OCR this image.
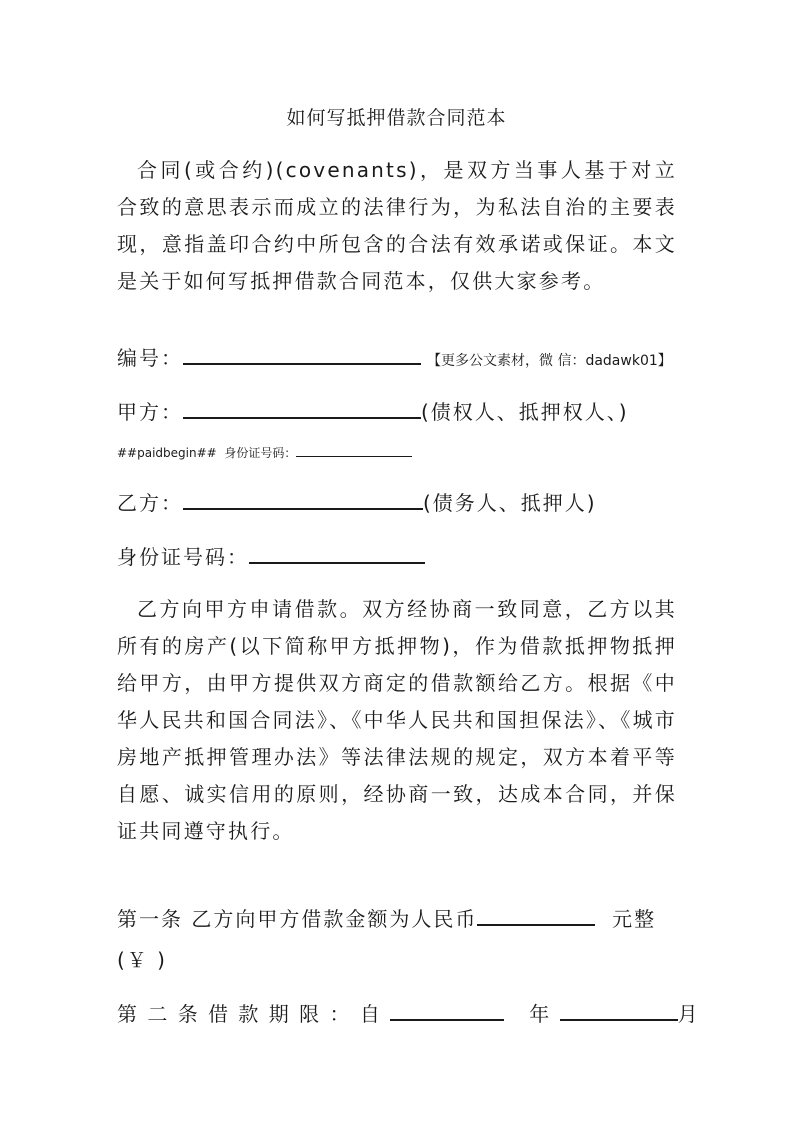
如何写抵押借款合同范本

合同(或合约)(covenants)，是双方当事人基于对立合致的意思表示而成立的法律行为，为私法自治的主要表现，意指盖印合约中所包含的合法有效承诺或保证。本文是关于如何写抵押借款合同范本，仅供大家参考。

编号：	【更多公文素材，微 信：dadawk01】
甲方：	(债权人、抵押权人、)
##paidbegin## 身份证号码：
乙方：	(债务人、抵押人)
身份证号码：

乙方向甲方申请借款。双方经协商一致同意，乙方以其所有的房产(以下简称甲方抵押物)，作为借款抵押物抵押给甲方，由甲方提供双方商定的借款额给乙方。根据《中华人民共和国合同法》、《中华人民共和国担保法》、《城市房地产抵押管理办法》等法律法规的规定，双方本着平等自愿、诚实信用的原则，经协商一致，达成本合同，并保证共同遵守执行。

第一条 乙方向甲方借款金额为人民币	元整
(￥ )
第 二 条 借 款 期 限 ： 自	年	月
